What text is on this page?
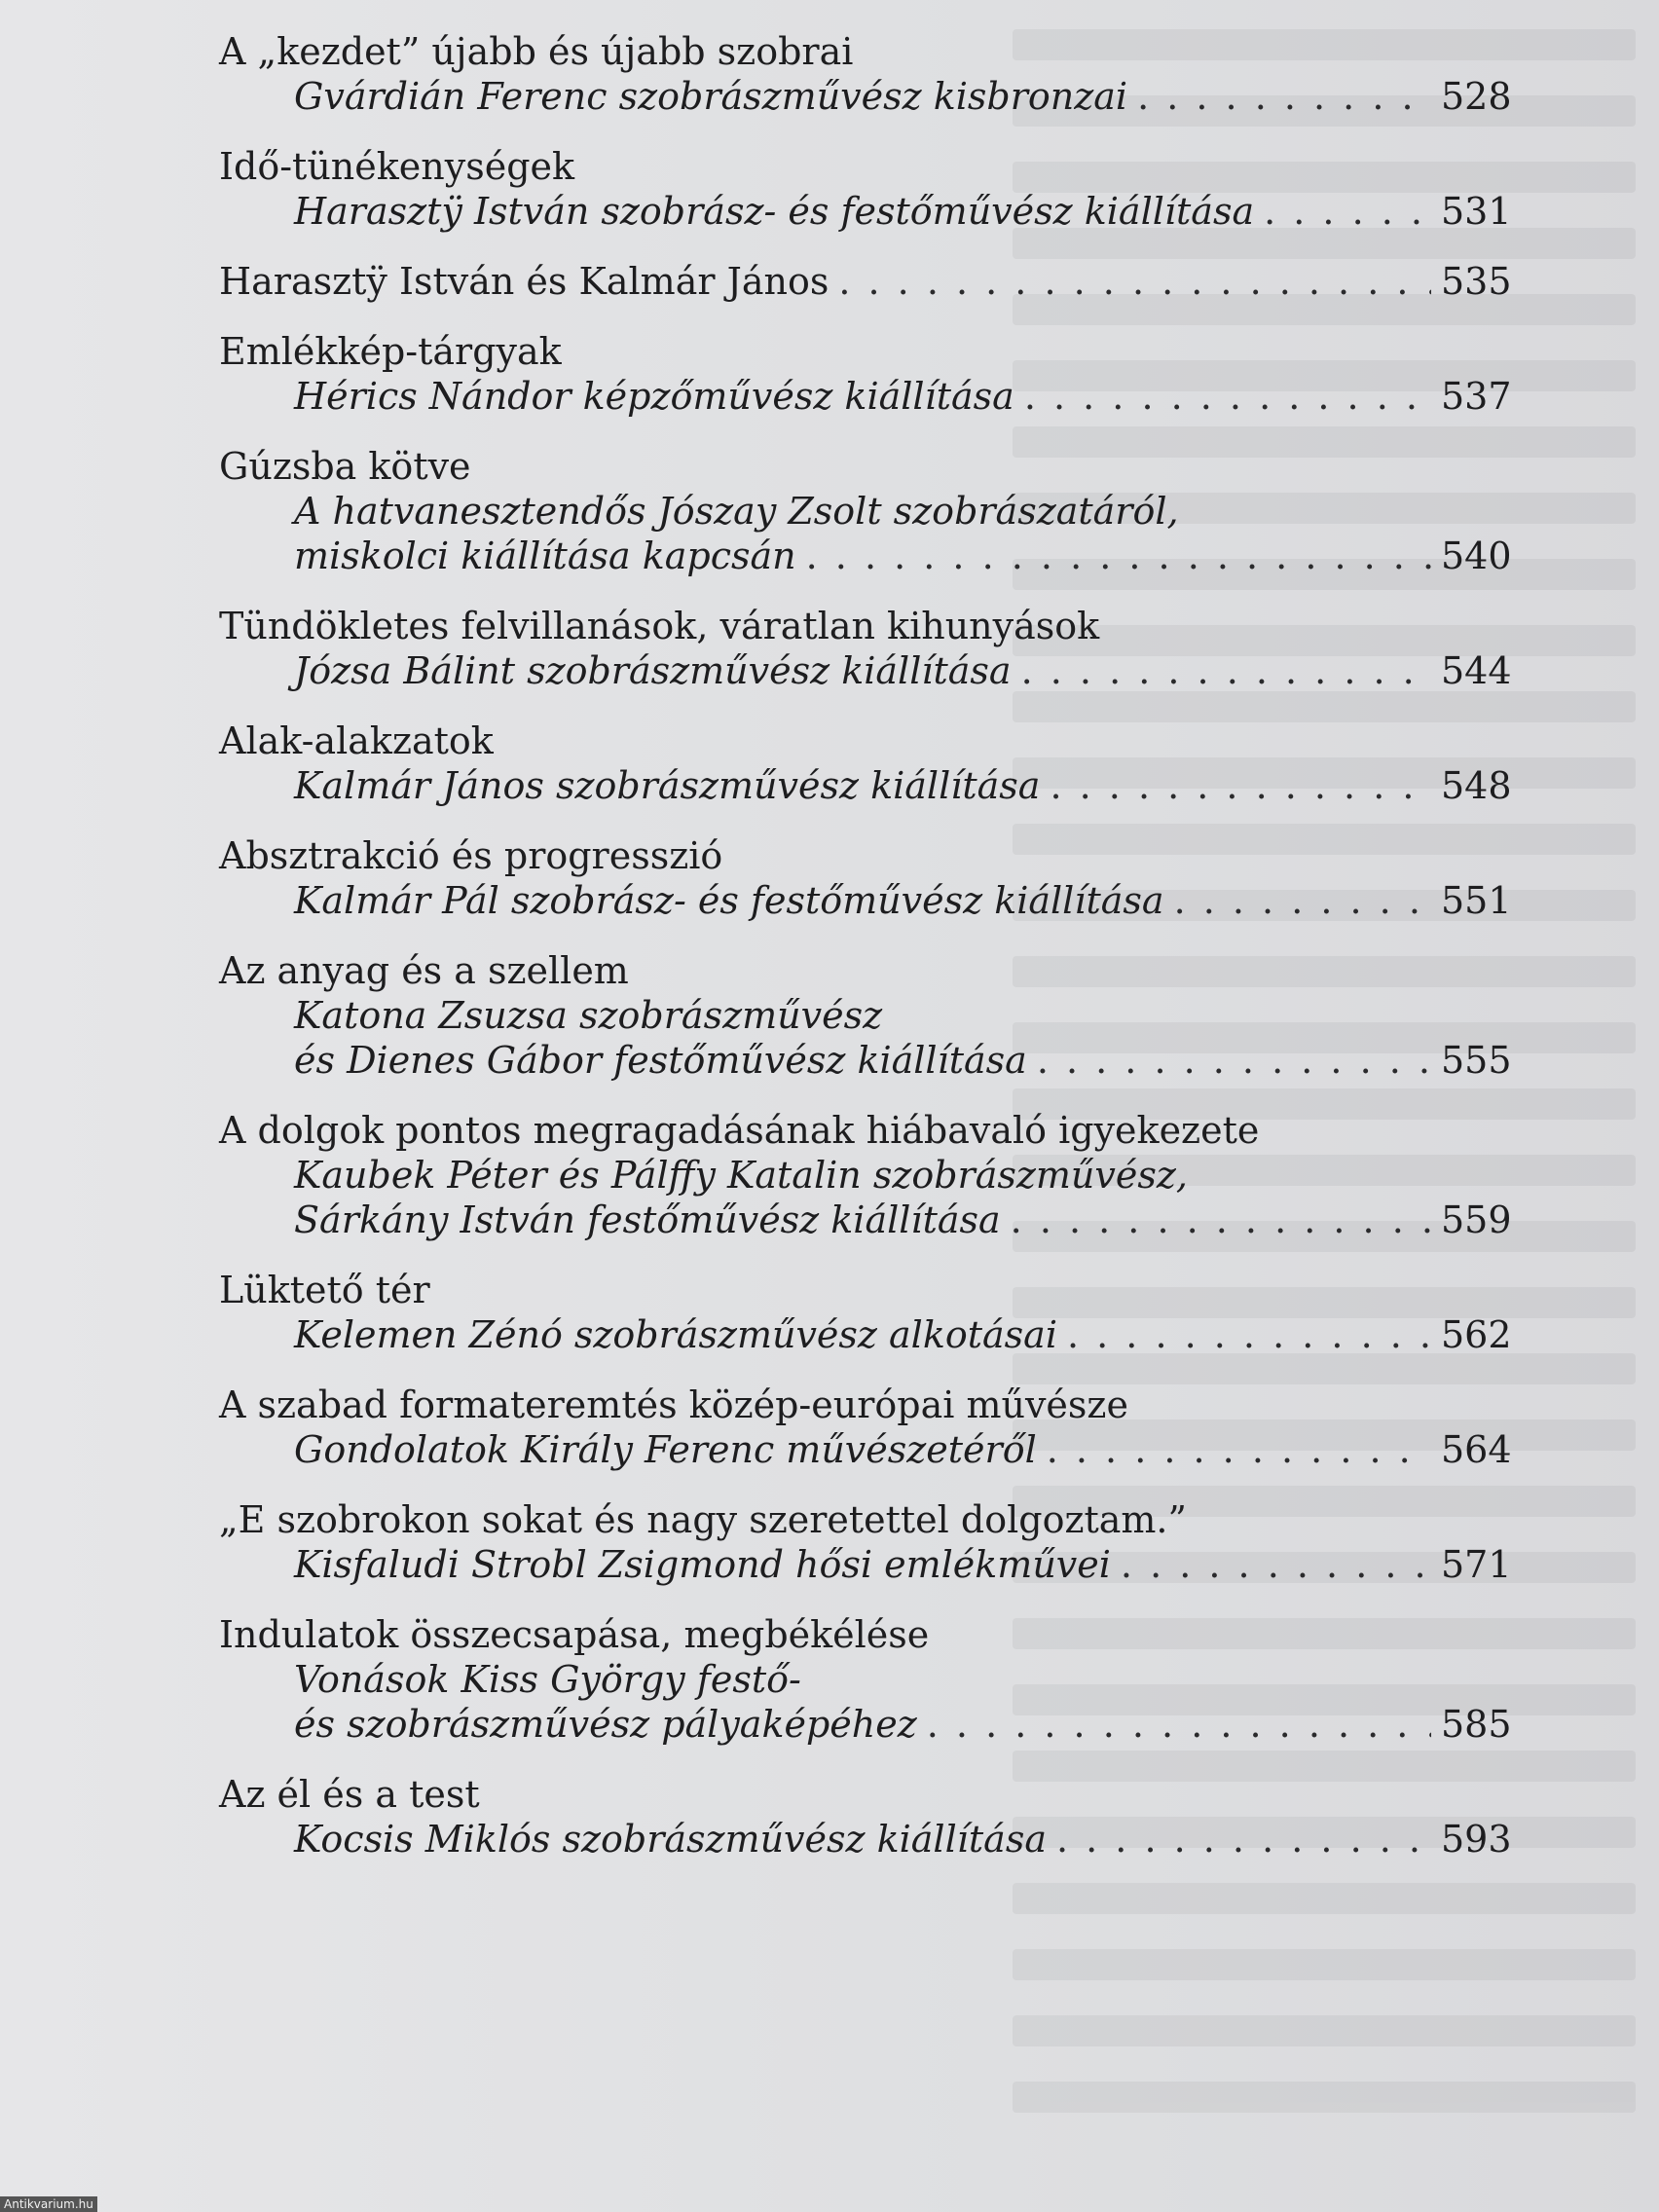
A „kezdet” újabb és újabb szobrai
Gvárdián Ferenc szobrászművész kisbronzai . . .	528
Idő-tünékenységek
Harasztÿ István szobrász- és festőművész kiállítása . . .	531
Harasztÿ István és Kalmár János . . .	535
Emlékkép-tárgyak
Hérics Nándor képzőművész kiállítása . . .	537
Gúzsba kötve
A hatvanesztendős Jószay Zsolt szobrászatáról,
miskolci kiállítása kapcsán . . .	540
Tündökletes felvillanások, váratlan kihunyások
Józsa Bálint szobrászművész kiállítása . . .	544
Alak-alakzatok
Kalmár János szobrászművész kiállítása . . .	548
Absztrakció és progresszió
Kalmár Pál szobrász- és festőművész kiállítása . . .	551
Az anyag és a szellem
Katona Zsuzsa szobrászművész
és Dienes Gábor festőművész kiállítása . . .	555
A dolgok pontos megragadásának hiábavaló igyekezete
Kaubek Péter és Pálffy Katalin szobrászművész,
Sárkány István festőművész kiállítása . . .	559
Lüktető tér
Kelemen Zénó szobrászművész alkotásai . . .	562
A szabad formateremtés közép-európai művésze
Gondolatok Király Ferenc művészetéről . . .	564
„E szobrokon sokat és nagy szeretettel dolgoztam.”
Kisfaludi Strobl Zsigmond hősi emlékművei . . .	571
Indulatok összecsapása, megbékélése
Vonások Kiss György festő-
és szobrászművész pályaképéhez . . .	585
Az él és a test
Kocsis Miklós szobrászművész kiállítása . . .	593
Antikvarium.hu
